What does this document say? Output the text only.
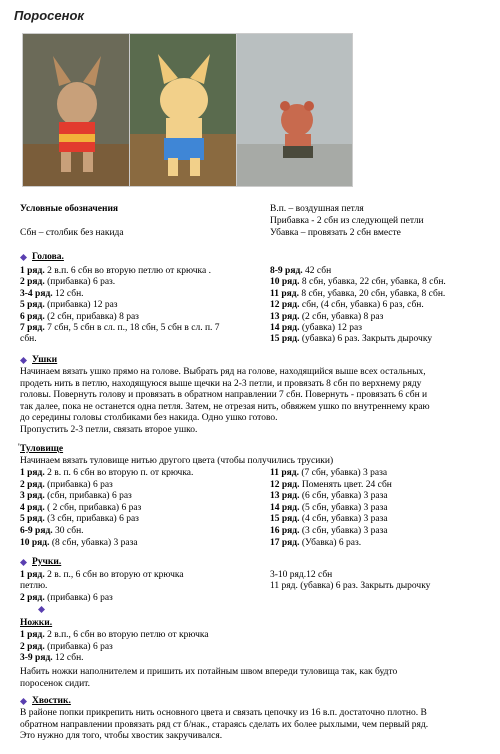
Поросенок
Условные обозначения	В.п. – воздушная петля
Прибавка - 2 сбн из следующей петли
Сбн – столбик без накида	Убавка – провязать 2 сбн вместе
Голова.
1 ряд. 2 в.п. 6 сбн во вторую петлю от крючка .
2 ряд. (прибавка) 6 раз.
3-4 ряд. 12 сбн.
5 ряд. (прибавка) 12 раз
6 ряд. (2 сбн, прибавка) 8 раз
7 ряд. 7 сбн, 5 сбн в сл. п., 18 сбн, 5 сбн в сл. п. 7
сбн.
8-9 ряд. 42 сбн
10 ряд. 8 сбн, убавка, 22 сбн, убавка, 8 сбн.
11 ряд. 8 сбн, убавка, 20 сбн, убавка, 8 сбн.
12 ряд. сбн, (4 сбн, убавка) 6 раз, сбн.
13 ряд. (2 сбн, убавка) 8 раз
14 ряд. (убавка) 12 раз
15 ряд. (убавка) 6 раз. Закрыть дырочку
Ушки
Начинаем вязать ушко прямо на голове. Выбрать ряд на голове, находящийся выше всех остальных,
продеть нить в петлю, находящуюся выше щечки на 2-3 петли, и провязать 8 сбн по верхнему ряду
головы. Повернуть голову и провязать в обратном направлении 7 сбн. Повернуть - провязать 6 сбн и
так далее, пока не останется одна петля. Затем, не отрезая нить, обвяжем ушко по внутреннему краю
до середины головы столбиками без накида. Одно ушко готово.
Пропустить 2-3 петли, связать второе ушко.
' Туловище
Начинаем вязать туловище нитью другого цвета (чтобы получились трусики)
1 ряд. 2 в. п. 6 сбн во вторую п. от крючка.
2 ряд. (прибавка) 6 раз
3 ряд. (сбн, прибавка) 6 раз
4 ряд. ( 2 сбн, прибавка) 6 раз
5 ряд. (3 сбн, прибавка) 6 раз
6-9 ряд. 30 сбн.
10 ряд. (8 сбн, убавка) 3 раза
11 ряд. (7 сбн, убавка) 3 раза
12 ряд. Поменять цвет. 24 сбн
13 ряд. (6 сбн, убавка) 3 раза
14 ряд. (5 сбн, убавка) 3 раза
15 ряд. (4 сбн, убавка) 3 раза
16 ряд. (3 сбн, убавка) 3 раза
17 ряд. (Убавка) 6 раз.
Ручки.
1 ряд. 2 в. п., 6 сбн во вторую от крючка
петлю.
2 ряд. (прибавка) 6 раз
3-10 ряд.12 сбн
11 ряд. (убавка) 6 раз. Закрыть дырочку
Ножки.
1 ряд. 2 в.п., 6 сбн во вторую петлю от крючка
2 ряд. (прибавка) 6 раз
3-9 ряд. 12 сбн.
Набить ножки наполнителем и пришить их потайным швом впереди туловища так, как будто
поросенок сидит.
Хвостик.
В районе попки прикрепить нить основного цвета и связать цепочку из 16 в.п. достаточно плотно. В
обратном направлении провязать ряд ст б/нак., стараясь сделать их более рыхлыми, чем первый ряд.
Это нужно для того, чтобы хвостик закручивался.
